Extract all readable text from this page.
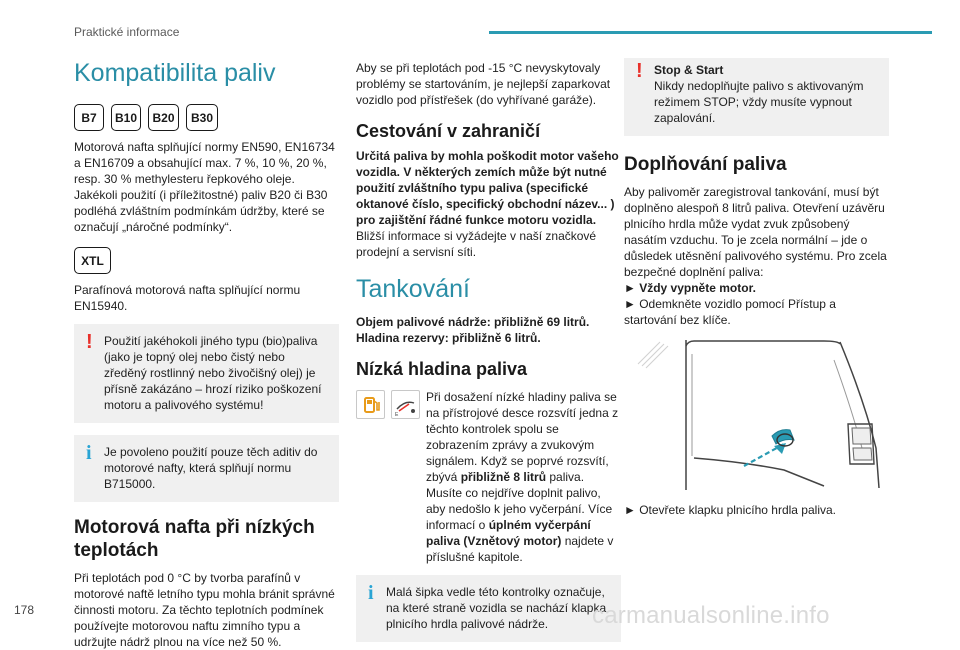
Praktické informace
Kompatibilita paliv
B7	B10	B20	B30

Motorová nafta splňující normy EN590, EN16734 a EN16709 a obsahující max. 7 %, 10 %, 20 %, resp. 30 % methylesteru řepkového oleje. Jakékoli použití (i příležitostné) paliv B20 či B30 podléhá zvláštním podmínkám údržby, které se označují „náročné podmínky“.

XTL

Parafínová motorová nafta splňující normu EN15940.

! Použití jakéhokoli jiného typu (bio)paliva (jako je topný olej nebo čistý nebo zředěný rostlinný nebo živočišný olej) je přísně zakázáno – hrozí riziko poškození motoru a palivového systému!

i Je povoleno použití pouze těch aditiv do motorové nafty, která splňují normu B715000.

Motorová nafta při nízkých teplotách

Při teplotách pod 0 °C by tvorba parafínů v motorové naftě letního typu mohla bránit správné činnosti motoru. Za těchto teplotních podmínek používejte motorovou naftu zimního typu a udržujte nádrž plnou na více než 50 %.

Aby se při teplotách pod -15 °C nevyskytovaly problémy se startováním, je nejlepší zaparkovat vozidlo pod přístřešek (do vyhřívané garáže).

Cestování v zahraničí

Určitá paliva by mohla poškodit motor vašeho vozidla. V některých zemích může být nutné použití zvláštního typu paliva (specifické oktanové číslo, specifický obchodní název... ) pro zajištění řádné funkce motoru vozidla.

Bližší informace si vyžádejte v naší značkové prodejní a servisní síti.

Tankování

Objem palivové nádrže: přibližně 69 litrů. Hladina rezervy: přibližně 6 litrů.

Nízká hladina paliva
E

Při dosažení nízké hladiny paliva se na přístrojové desce rozsvítí jedna z těchto kontrolek spolu se zobrazením zprávy a zvukovým signálem. Když se poprvé rozsvítí, zbývá přibližně 8 litrů paliva. Musíte co nejdříve doplnit palivo, aby nedošlo k jeho vyčerpání. Více informací o úplném vyčerpání paliva (Vznětový motor) najdete v příslušné kapitole.

i Malá šipka vedle této kontrolky označuje, na které straně vozidla se nachází klapka plnicího hrdla palivové nádrže.

! Stop & Start

Nikdy nedoplňujte palivo s aktivovaným režimem STOP; vždy musíte vypnout zapalování.

Doplňování paliva

Aby palivoměr zaregistroval tankování, musí být doplněno alespoň 8 litrů paliva. Otevření uzávěru plnicího hrdla může vydat zvuk způsobený nasátím vzduchu. To je zcela normální – jde o důsledek utěsnění palivového systému. Pro zcela bezpečné doplnění paliva:

► Vždy vypněte motor.

► Odemkněte vozidlo pomocí Přístup a startování bez klíče.

► Otevřete klapku plnicího hrdla paliva.

178	carmanualsonline.info
